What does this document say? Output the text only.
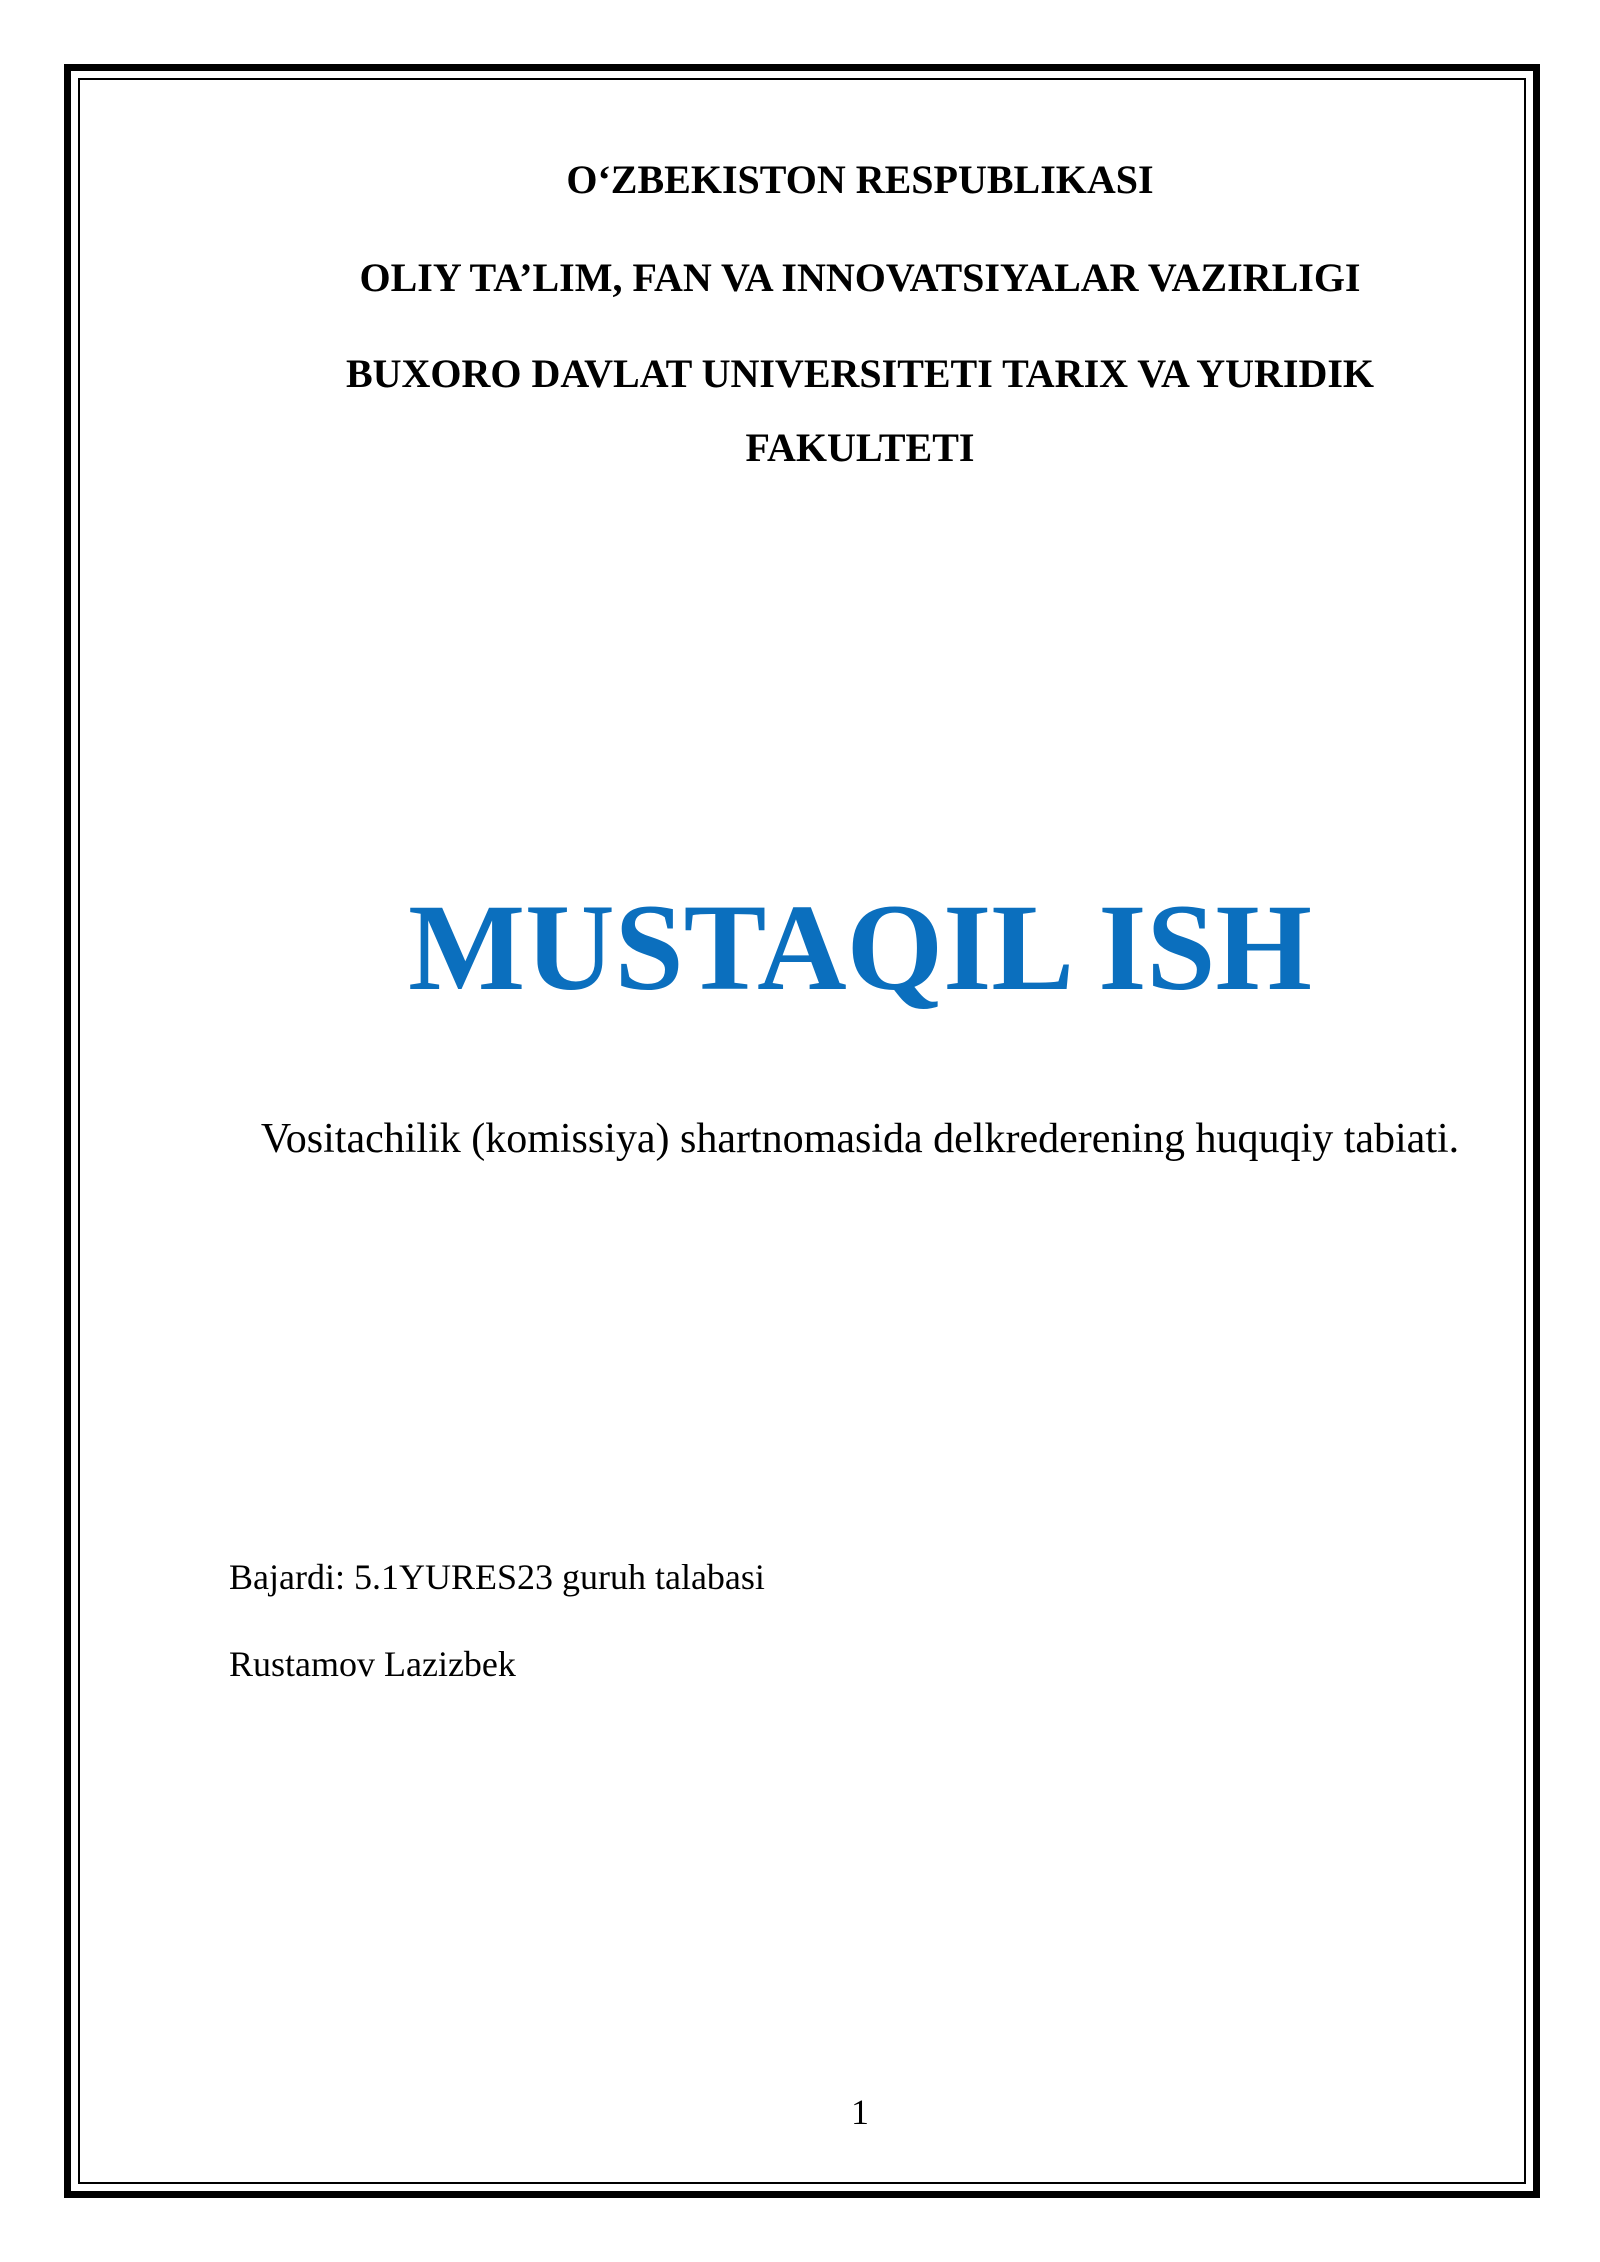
O‘ZBEKISTON RESPUBLIKASI
OLIY TA’LIM, FAN VA INNOVATSIYALAR VAZIRLIGI
BUXORO DAVLAT UNIVERSITETI TARIX VA YURIDIK
FAKULTETI
MUSTAQIL ISH
Vositachilik (komissiya) shartnomasida delkrederening huquqiy tabiati.
Bajardi: 5.1YURES23 guruh talabasi
Rustamov Lazizbek
1
